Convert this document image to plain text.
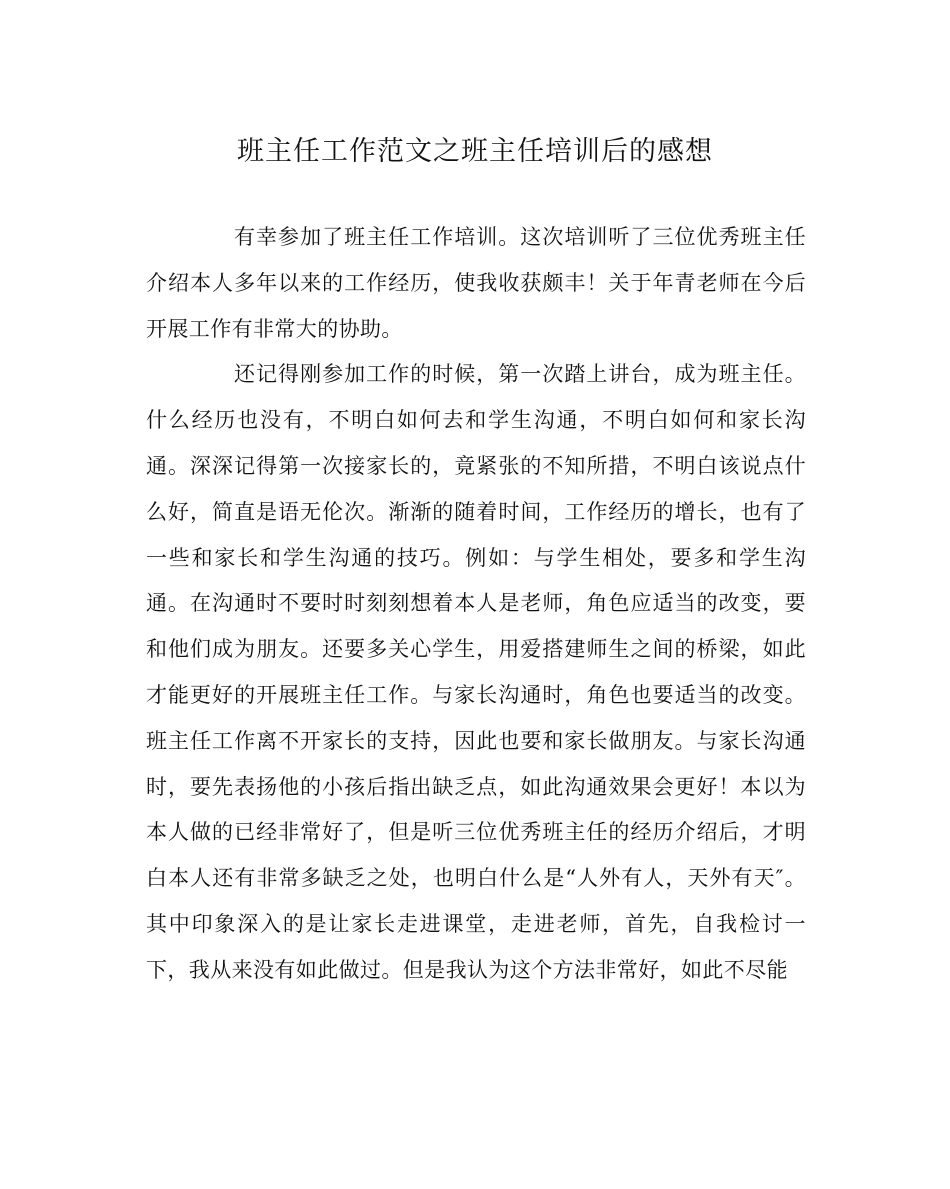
班主任工作范文之班主任培训后的感想

有幸参加了班主任工作培训。这次培训听了三位优秀班主任介绍本人多年以来的工作经历，使我收获颇丰！关于年青老师在今后开展工作有非常大的协助。

还记得刚参加工作的时候，第一次踏上讲台，成为班主任。什么经历也没有，不明白如何去和学生沟通，不明白如何和家长沟通。深深记得第一次接家长的，竟紧张的不知所措，不明白该说点什么好，简直是语无伦次。渐渐的随着时间，工作经历的增长，也有了一些和家长和学生沟通的技巧。例如：与学生相处，要多和学生沟通。在沟通时不要时时刻刻想着本人是老师，角色应适当的改变，要和他们成为朋友。还要多关心学生，用爱搭建师生之间的桥梁，如此才能更好的开展班主任工作。与家长沟通时，角色也要适当的改变。班主任工作离不开家长的支持，因此也要和家长做朋友。与家长沟通时，要先表扬他的小孩后指出缺乏点，如此沟通效果会更好！本以为本人做的已经非常好了，但是听三位优秀班主任的经历介绍后，才明白本人还有非常多缺乏之处，也明白什么是“人外有人，天外有天″。其中印象深入的是让家长走进课堂，走进老师，首先，自我检讨一下，我从来没有如此做过。但是我认为这个方法非常好，如此不尽能
